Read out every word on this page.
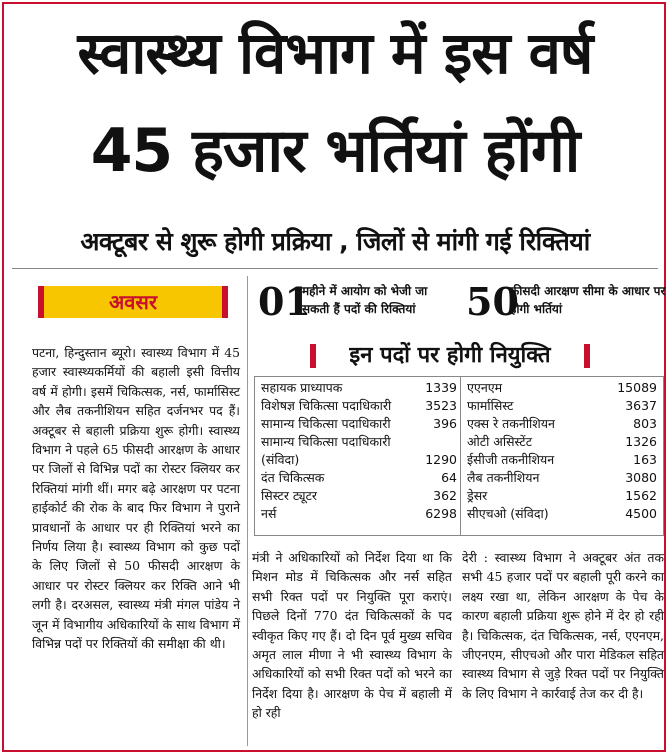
स्वास्थ्य विभाग में इस वर्ष
45 हजार भर्तियां होंगी
अक्टूबर से शुरू होगी प्रक्रिया , जिलों से मांगी गई रिक्तियां
अवसर
पटना, हिन्दुस्तान ब्यूरो। स्वास्थ्य विभाग में 45 हजार स्वास्थ्यकर्मियों की बहाली इसी वित्तीय वर्ष में होगी। इसमें चिकित्सक, नर्स, फार्मासिस्ट और लैब तकनीशियन सहित दर्जनभर पद हैं। अक्टूबर से बहाली प्रक्रिया शुरू होगी। स्वास्थ्य विभाग ने पहले 65 फीसदी आरक्षण के आधार पर जिलों से विभिन्न पदों का रोस्टर क्लियर कर रिक्तियां मांगी थीं। मगर बढ़े आरक्षण पर पटना हाईकोर्ट की रोक के बाद फिर विभाग ने पुराने प्रावधानों के आधार पर ही रिक्तियां भरने का निर्णय लिया है। स्वास्थ्य विभाग को कुछ पदों के लिए जिलों से 50 फीसदी आरक्षण के आधार पर रोस्टर क्लियर कर रिक्ति आने भी लगी है। दरअसल, स्वास्थ्य मंत्री मंगल पांडेय ने जून में विभागीय अधिकारियों के साथ विभाग में विभिन्न पदों पर रिक्तियों की समीक्षा की थी।
01
महीने में आयोग को भेजी जा सकती हैं पदों की रिक्तियां	50
फीसदी आरक्षण सीमा के आधार पर होगी भर्तियां
इन पदों पर होगी नियुक्ति
सहायक प्राध्यापक	1339
विशेषज्ञ चिकित्सा पदाधिकारी	3523
सामान्य चिकित्सा पदाधिकारी	396
सामान्य चिकित्सा पदाधिकारी (संविदा)	1290
दंत चिकित्सक	64
सिस्टर ट्यूटर	362
नर्स	6298
एएनएम	15089
फार्मासिस्ट	3637
एक्स रे तकनीशियन	803
ओटी असिस्टेंट	1326
ईसीजी तकनीशियन	163
लैब तकनीशियन	3080
ड्रेसर	1562
सीएचओ (संविदा)	4500
मंत्री ने अधिकारियों को निर्देश दिया था कि मिशन मोड में चिकित्सक और नर्स सहित सभी रिक्त पदों पर नियुक्ति पूरा कराएं। पिछले दिनों 770 दंत चिकित्सकों के पद स्वीकृत किए गए हैं। दो दिन पूर्व मुख्य सचिव अमृत लाल मीणा ने भी स्वास्थ्य विभाग के अधिकारियों को सभी रिक्त पदों को भरने का निर्देश दिया है। आरक्षण के पेच में बहाली में हो रही
देरी : स्वास्थ्य विभाग ने अक्टूबर अंत तक सभी 45 हजार पदों पर बहाली पूरी करने का लक्ष्य रखा था, लेकिन आरक्षण के पेच के कारण बहाली प्रक्रिया शुरू होने में देर हो रही है। चिकित्सक, दंत चिकित्सक, नर्स, एएनएम, जीएनएम, सीएचओ और पारा मेडिकल सहित स्वास्थ्य विभाग से जुड़े रिक्त पदों पर नियुक्ति के लिए विभाग ने कार्रवाई तेज कर दी है।
